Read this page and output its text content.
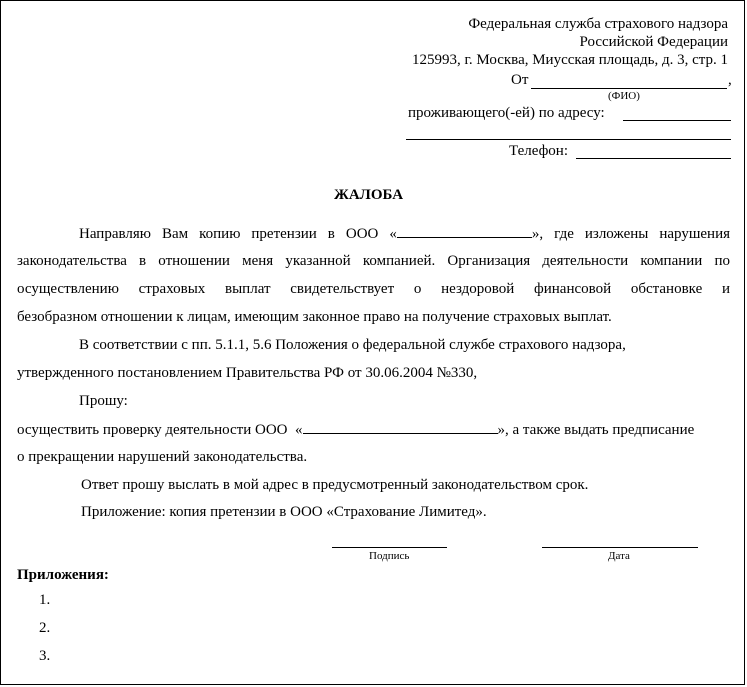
Федеральная служба страхового надзора
Российской Федерации
125993, г. Москва, Миусская площадь, д. 3, стр. 1
От	,
(ФИО)
проживающего(-ей) по адресу:
Телефон:
ЖАЛОБА
Направляю Вам копию претензии в ООО «	», где изложены нарушения
законодательства в отношении меня указанной компанией. Организация деятельности компании по
осуществлению страховых выплат свидетельствует о нездоровой финансовой обстановке и
безобразном отношении к лицам, имеющим законное право на получение страховых выплат.
В соответствии с пп. 5.1.1, 5.6 Положения о федеральной службе страхового надзора,
утвержденного постановлением Правительства РФ от 30.06.2004 №330,
Прошу:
осуществить проверку деятельности ООО «	», а также выдать предписание
о прекращении нарушений законодательства.
Ответ прошу выслать в мой адрес в предусмотренный законодательством срок.
Приложение: копия претензии в ООО «Страхование Лимитед».
Подпись	Дата
Приложения:
1.
2.
3.
